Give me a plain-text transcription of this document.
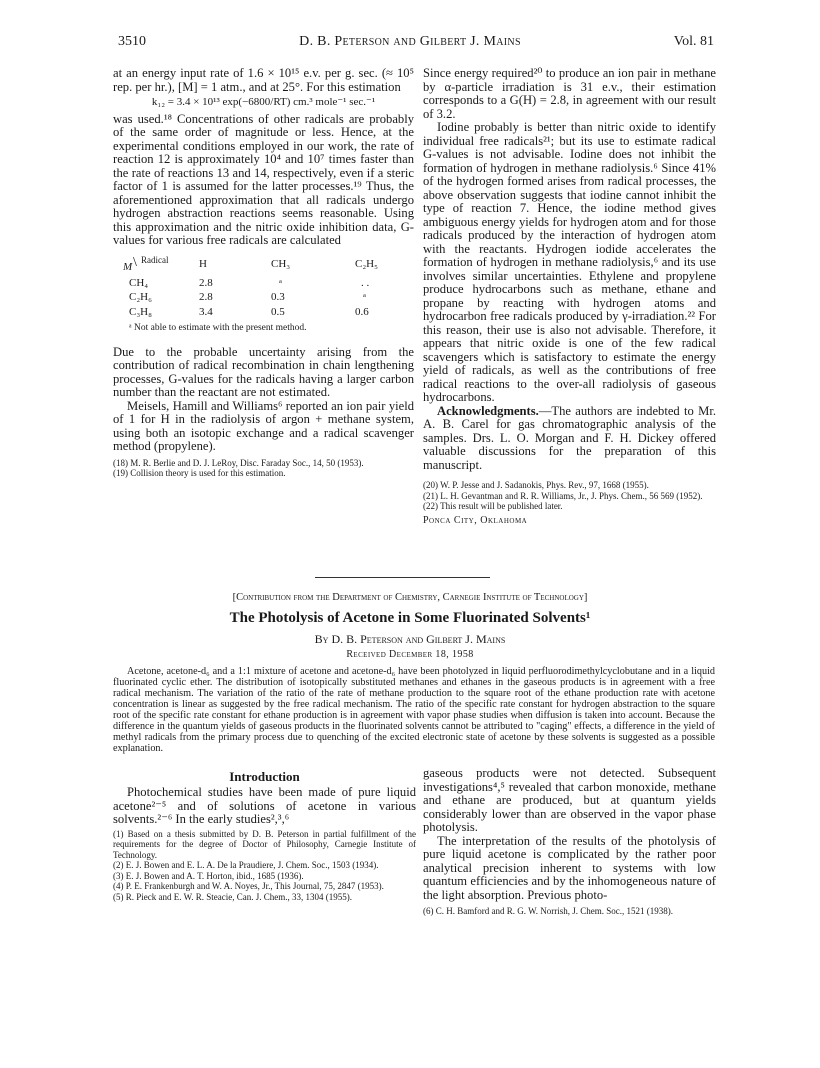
3510	D. B. Peterson and Gilbert J. Mains	Vol. 81

at an energy input rate of 1.6 × 10¹⁵ e.v. per g. sec. (≈ 10⁵ rep. per hr.), [M] = 1 atm., and at 25°. For this estimation

k₁₂ = 3.4 × 10¹³ exp(−6800/RT) cm.³ mole⁻¹ sec.⁻¹

was used.¹⁸ Concentrations of other radicals are probably of the same order of magnitude or less. Hence, at the experimental conditions employed in our work, the rate of reaction 12 is approximately 10⁴ and 10⁷ times faster than the rate of reactions 13 and 14, respectively, even if a steric factor of 1 is assumed for the latter processes.¹⁹ Thus, the aforementioned approximation that all radicals undergo hydrogen abstraction reactions seems reasonable. Using this approximation and the nitric oxide inhibition data, G-values for various free radicals are calculated

M \ Radical	H	CH₃	C₂H₅
CH₄	2.8	ᵃ	. .
C₂H₆	2.8	0.3	ᵃ
C₃H₈	3.4	0.5	0.6

ᵃ Not able to estimate with the present method.

Due to the probable uncertainty arising from the contribution of radical recombination in chain lengthening processes, G-values for the radicals having a larger carbon number than the reactant are not estimated.

Meisels, Hamill and Williams⁶ reported an ion pair yield of 1 for H in the radiolysis of argon + methane system, using both an isotopic exchange and a radical scavenger method (propylene).

(18) M. R. Berlie and D. J. LeRoy, Disc. Faraday Soc., 14, 50 (1953).

(19) Collision theory is used for this estimation.

Since energy required²⁰ to produce an ion pair in methane by α-particle irradiation is 31 e.v., their estimation corresponds to a G(H) = 2.8, in agreement with our result of 3.2.

Iodine probably is better than nitric oxide to identify individual free radicals²¹; but its use to estimate radical G-values is not advisable. Iodine does not inhibit the formation of hydrogen in methane radiolysis.⁶ Since 41% of the hydrogen formed arises from radical processes, the above observation suggests that iodine cannot inhibit the type of reaction 7. Hence, the iodine method gives ambiguous energy yields for hydrogen atom and for those radicals produced by the interaction of hydrogen atom with the reactants. Hydrogen iodide accelerates the formation of hydrogen in methane radiolysis,⁶ and its use involves similar uncertainties. Ethylene and propylene produce hydrocarbons such as methane, ethane and propane by reacting with hydrogen atoms and hydrocarbon free radicals produced by γ-irradiation.²² For this reason, their use is also not advisable. Therefore, it appears that nitric oxide is one of the few radical scavengers which is satisfactory to estimate the energy yield of radicals, as well as the contributions of free radical reactions to the over-all radiolysis of gaseous hydrocarbons.

Acknowledgments.—The authors are indebted to Mr. A. B. Carel for gas chromatographic analysis of the samples. Drs. L. O. Morgan and F. H. Dickey offered valuable discussions for the preparation of this manuscript.

(20) W. P. Jesse and J. Sadanokis, Phys. Rev., 97, 1668 (1955).

(21) L. H. Gevantman and R. R. Williams, Jr., J. Phys. Chem., 56 569 (1952).

(22) This result will be published later.

Ponca City, Oklahoma

[Contribution from the Department of Chemistry, Carnegie Institute of Technology]
The Photolysis of Acetone in Some Fluorinated Solvents¹
By D. B. Peterson and Gilbert J. Mains
Received December 18, 1958
Acetone, acetone-d₆ and a 1:1 mixture of acetone and acetone-d₆ have been photolyzed in liquid perfluorodimethylcyclobutane and in a liquid fluorinated cyclic ether. The distribution of isotopically substituted methanes and ethanes in the gaseous products is in agreement with a free radical mechanism. The variation of the ratio of the rate of methane production to the square root of the ethane production rate with acetone concentration is linear as suggested by the free radical mechanism. The ratio of the specific rate constant for hydrogen abstraction to the square root of the specific rate constant for ethane production is in agreement with vapor phase studies when diffusion is taken into account. Because the difference in the quantum yields of gaseous products in the fluorinated solvents cannot be attributed to "caging" effects, a difference in the yield of methyl radicals from the primary process due to quenching of the excited electronic state of acetone by these solvents is suggested as a possible explanation.
Introduction

Photochemical studies have been made of pure liquid acetone²⁻⁵ and of solutions of acetone in various solvents.²⁻⁶ In the early studies²,³,⁶

(1) Based on a thesis submitted by D. B. Peterson in partial fulfillment of the requirements for the degree of Doctor of Philosophy, Carnegie Institute of Technology.

(2) E. J. Bowen and E. L. A. De la Praudiere, J. Chem. Soc., 1503 (1934).

(3) E. J. Bowen and A. T. Horton, ibid., 1685 (1936).

(4) P. E. Frankenburgh and W. A. Noyes, Jr., This Journal, 75, 2847 (1953).

(5) R. Pieck and E. W. R. Steacie, Can. J. Chem., 33, 1304 (1955).

gaseous products were not detected. Subsequent investigations⁴,⁵ revealed that carbon monoxide, methane and ethane are produced, but at quantum yields considerably lower than are observed in the vapor phase photolysis.

The interpretation of the results of the photolysis of pure liquid acetone is complicated by the rather poor analytical precision inherent to systems with low quantum efficiencies and by the inhomogeneous nature of the light absorption. Previous photo-

(6) C. H. Bamford and R. G. W. Norrish, J. Chem. Soc., 1521 (1938).
